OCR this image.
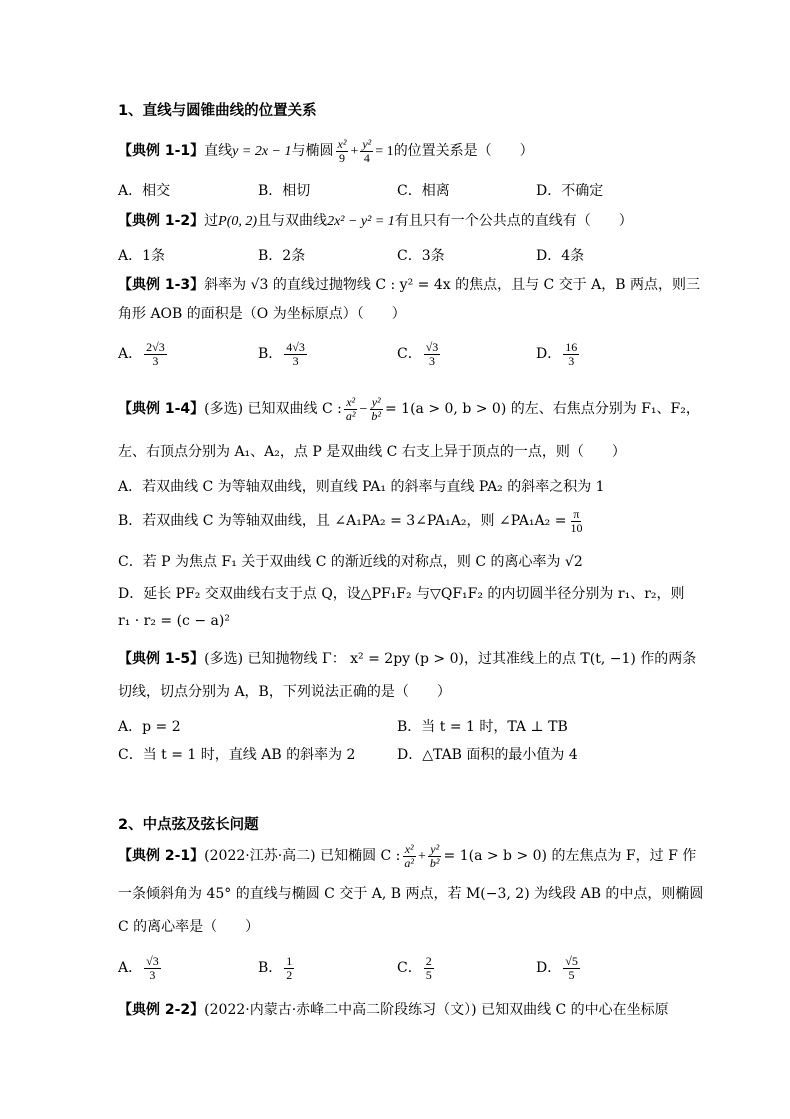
1、直线与圆锥曲线的位置关系
【典例 1-1】直线y = 2x − 1与椭圆 $\frac{\text{x²}}{9} + \frac{\text{y²}}{4} = 1$的位置关系是（　　）
A．相交	B．相切	C．相离	D．不确定
【典例 1-2】过P(0, 2)且与双曲线2x² − y² = 1有且只有一个公共点的直线有（　　）
A．1条	B．2条	C．3条	D．4条
【典例 1-3】斜率为 √3 的直线过抛物线 C : y² = 4x 的焦点，且与 C 交于 A，B 两点，则三
角形 AOB 的面积是（O 为坐标原点）（　　）
A． $\frac{2√3}{3}$	B． $\frac{4√3}{3}$	C． $\frac{√3}{3}$	D． $\frac{16}{3}$
【典例 1-4】(多选) 已知双曲线 C : $\frac{\text{x²}}{\text{a²}} - \frac{\text{y²}}{\text{b²}} = 1(a > 0$, b > 0) 的左、右焦点分别为 F₁、F₂，
左、右顶点分别为 A₁、A₂，点 P 是双曲线 C 右支上异于顶点的一点，则（　　）
A．若双曲线 C 为等轴双曲线，则直线 PA₁ 的斜率与直线 PA₂ 的斜率之积为 1
B．若双曲线 C 为等轴双曲线，且 ∠A₁PA₂ = 3∠PA₁A₂，则 ∠PA₁A₂ = $\frac{\pi}{10}$
C．若 P 为焦点 F₁ 关于双曲线 C 的渐近线的对称点，则 C 的离心率为 √2
D．延长 PF₂ 交双曲线右支于点 Q，设△PF₁F₂ 与▽QF₁F₂ 的内切圆半径分别为 r₁、r₂，则
r₁ · r₂ = (c − a)²
【典例 1-5】(多选) 已知抛物线 Γ： x² = 2py (p > 0)，过其准线上的点 T(t, −1) 作的两条
切线，切点分别为 A，B，下列说法正确的是（　　）
A．p = 2	B．当 t = 1 时，TA ⊥ TB
C．当 t = 1 时，直线 AB 的斜率为 2	D．△TAB 面积的最小值为 4
2、中点弦及弦长问题
【典例 2-1】(2022·江苏·高二) 已知椭圆 C : $\frac{\text{x²}}{\text{a²}} + \frac{\text{y²}}{\text{b²}} = 1(a > b > 0)$ 的左焦点为 F，过 F 作
一条倾斜角为 45° 的直线与椭圆 C 交于 A, B 两点，若 M(−3, 2) 为线段 AB 的中点，则椭圆
C 的离心率是（　　）
A． $\frac{√3}{3}$	B． $\frac{1}{2}$	C． $\frac{2}{5}$	D． $\frac{√5}{5}$
【典例 2-2】(2022·内蒙古·赤峰二中高二阶段练习（文）) 已知双曲线 C 的中心在坐标原
